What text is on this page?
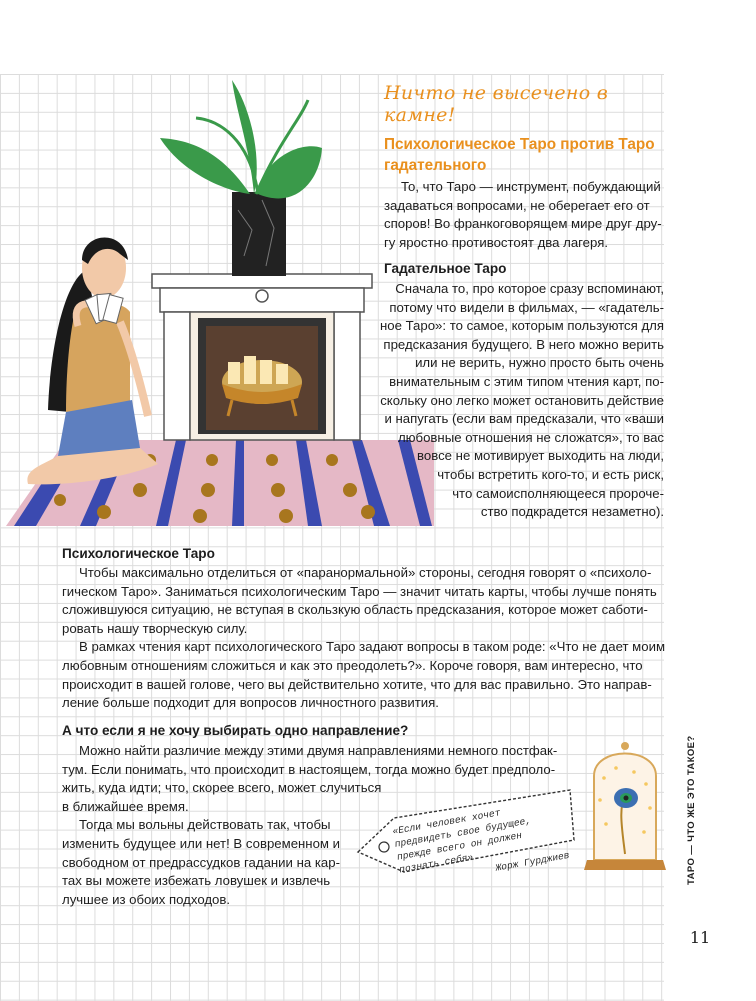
Ничто не высечено в камне!
Психологическое Таро против Таро гадательного

То, что Таро — инструмент, побуждающий
задаваться вопросами, не оберегает его от
споров! Во франкоговорящем мире друг дру-
гу яростно противостоят два лагеря.

Гадательное Таро

Сначала то, про которое сразу вспоминают,
потому что видели в фильмах, — «гадатель-
ное Таро»: то самое, которым пользуются для
предсказания будущего. В него можно верить
или не верить, нужно просто быть очень
внимательным с этим типом чтения карт, по-
скольку оно легко может остановить действие
и напугать (если вам предсказали, что «ваши
любовные отношения не сложатся», то вас
вовсе не мотивирует выходить на люди,
чтобы встретить кого-то, и есть риск,
что самоисполняющееся пророче-
ство подкрадется незаметно).

Психологическое Таро

Чтобы максимально отделиться от «паранормальной» стороны, сегодня говорят о «психоло-
гическом Таро». Заниматься психологическим Таро — значит читать карты, чтобы лучше понять
сложившуюся ситуацию, не вступая в скользкую область предсказания, которое может саботи-
ровать нашу творческую силу.
В рамках чтения карт психологического Таро задают вопросы в таком роде: «Что не дает моим
любовным отношениям сложиться и как это преодолеть?». Короче говоря, вам интересно, что
происходит в вашей голове, чего вы действительно хотите, что для вас правильно. Это направ-
ление больше подходит для вопросов личностного развития.

А что если я не хочу выбирать одно направление?

Можно найти различие между этими двумя направлениями немного постфак-
тум. Если понимать, что происходит в настоящем, тогда можно будет предполо-
жить, куда идти; что, скорее всего, может случиться
в ближайшее время.
Тогда мы вольны действовать так, чтобы
изменить будущее или нет! В современном и
свободном от предрассудков гадании на кар-
тах вы можете избежать ловушек и извлечь
лучшее из обоих подходов.

«Если человек хочет предвидеть свое будущее, прежде всего он должен познать себя».	Жорж Гурджиев	ТАРО — ЧТО ЖЕ ЭТО ТАКОЕ?
11
